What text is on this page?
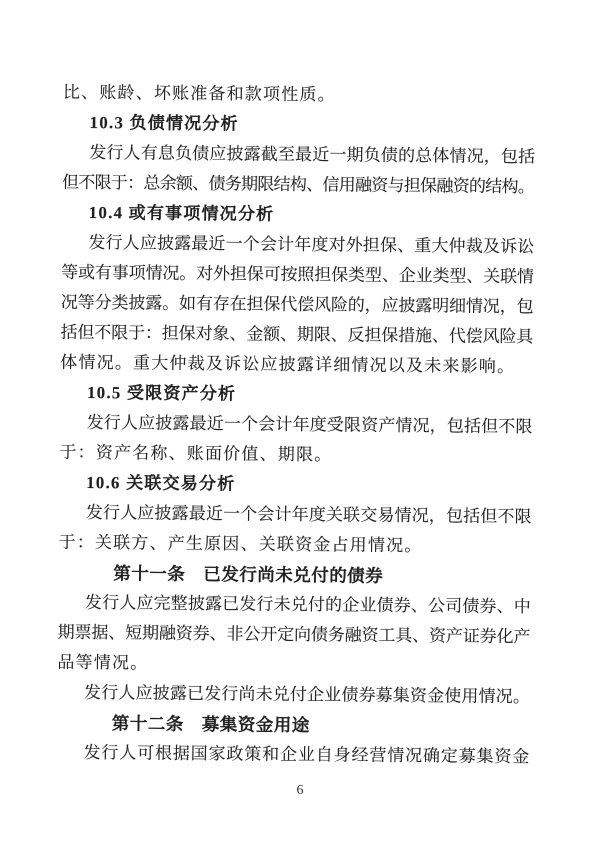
比、账龄、坏账准备和款项性质。
10.3 负债情况分析
发行人有息负债应披露截至最近一期负债的总体情况，包括
但不限于：总余额、债务期限结构、信用融资与担保融资的结构。
10.4 或有事项情况分析
发行人应披露最近一个会计年度对外担保、重大仲裁及诉讼
等或有事项情况。对外担保可按照担保类型、企业类型、关联情
况等分类披露。如有存在担保代偿风险的，应披露明细情况，包
括但不限于：担保对象、金额、期限、反担保措施、代偿风险具
体情况。重大仲裁及诉讼应披露详细情况以及未来影响。
10.5 受限资产分析
发行人应披露最近一个会计年度受限资产情况，包括但不限
于：资产名称、账面价值、期限。
10.6 关联交易分析
发行人应披露最近一个会计年度关联交易情况，包括但不限
于：关联方、产生原因、关联资金占用情况。
第十一条　已发行尚未兑付的债券
发行人应完整披露已发行未兑付的企业债券、公司债券、中
期票据、短期融资券、非公开定向债务融资工具、资产证券化产
品等情况。
发行人应披露已发行尚未兑付企业债券募集资金使用情况。
第十二条　募集资金用途
发行人可根据国家政策和企业自身经营情况确定募集资金
6
